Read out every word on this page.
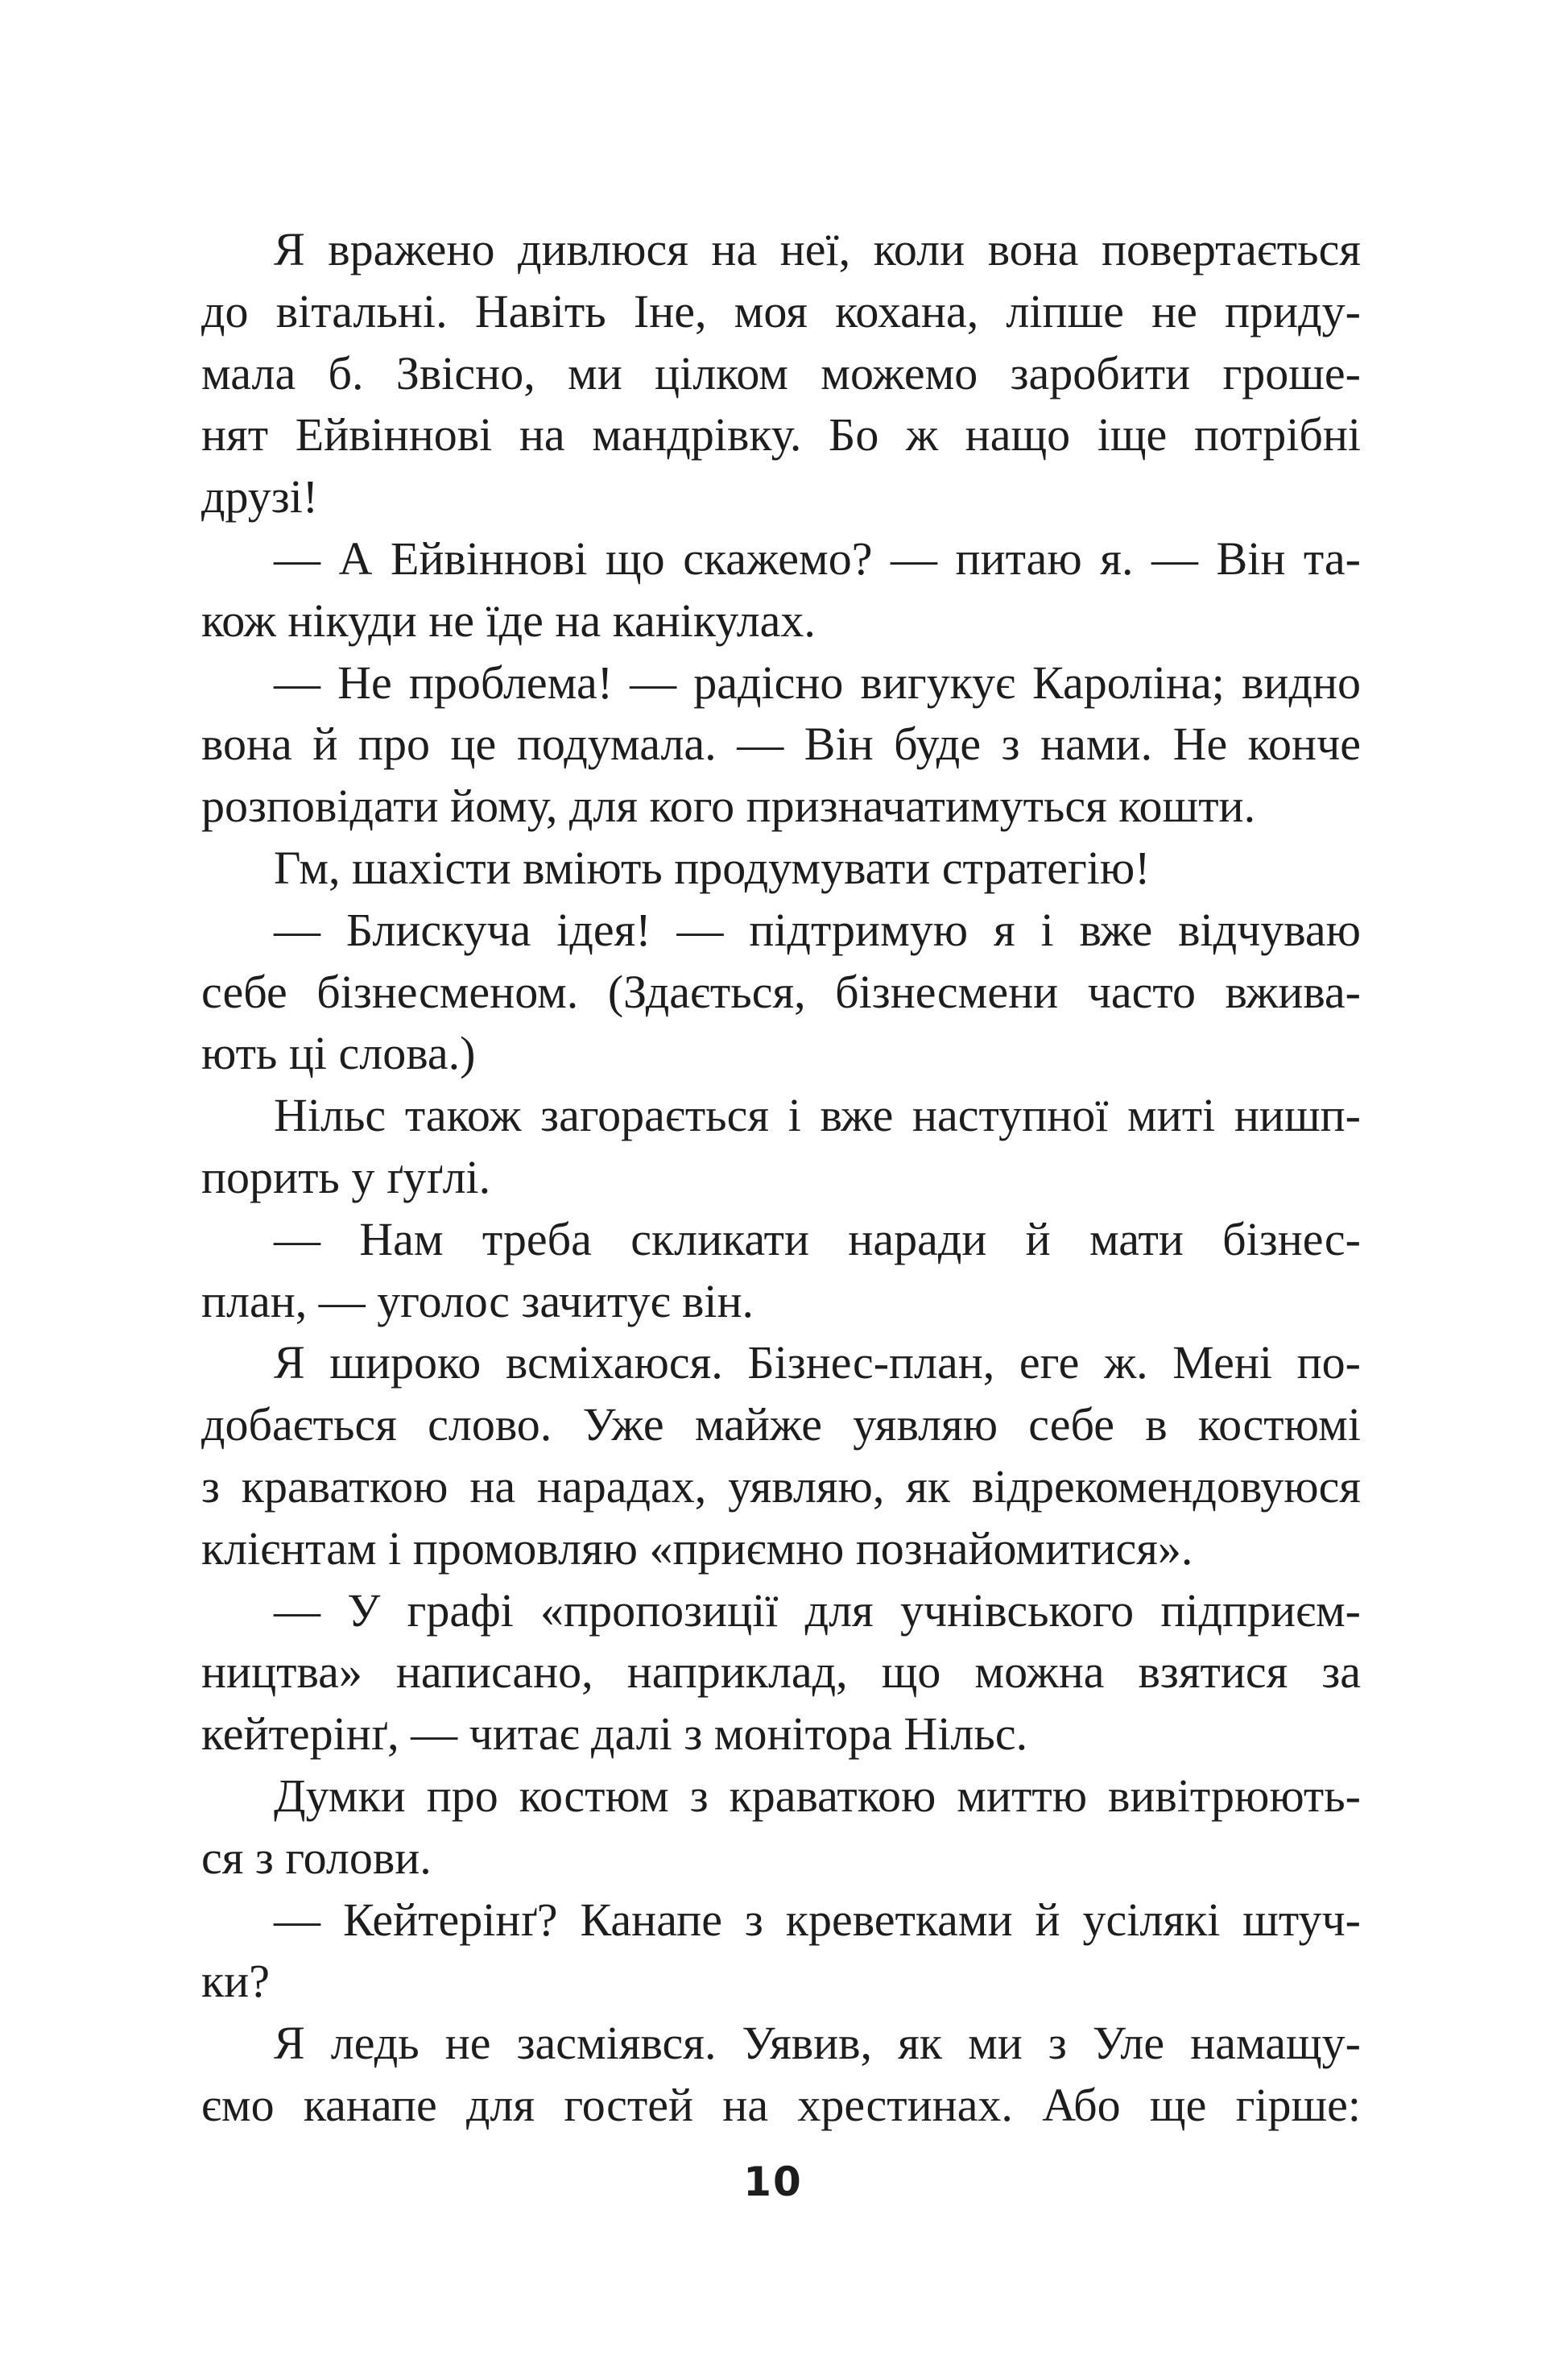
Я вражено дивлюся на неї, коли вона повертається
до вітальні. Навіть Іне, моя кохана, ліпше не приду-
мала б. Звісно, ми цілком можемо заробити гроше-
нят Ейвіннові на мандрівку. Бо ж нащо іще потрібні
друзі!
— А Ейвіннові що скажемо? — питаю я. — Він та-
кож нікуди не їде на канікулах.
— Не проблема! — радісно вигукує Кароліна; видно
вона й про це подумала. — Він буде з нами. Не конче
розповідати йому, для кого призначатимуться кошти.
Гм, шахісти вміють продумувати стратегію!
— Блискуча ідея! — підтримую я і вже відчуваю
себе бізнесменом. (Здається, бізнесмени часто вжива-
ють ці слова.)
Нільс також загорається і вже наступної миті нишп-
порить у ґуґлі.
— Нам треба скликати наради й мати бізнес-
план, — уголос зачитує він.
Я широко всміхаюся. Бізнес-план, еге ж. Мені по-
добається слово. Уже майже уявляю себе в костюмі
з краваткою на нарадах, уявляю, як відрекомендовуюся
клієнтам і промовляю «приємно познайомитися».
— У графі «пропозиції для учнівського підприєм-
ництва» написано, наприклад, що можна взятися за
кейтерінґ, — читає далі з монітора Нільс.
Думки про костюм з краваткою миттю вивітрюють-
ся з голови.
— Кейтерінґ? Канапе з креветками й усілякі штуч-
ки?
Я ледь не засміявся. Уявив, як ми з Уле намащу-
ємо канапе для гостей на хрестинах. Або ще гірше:
10
